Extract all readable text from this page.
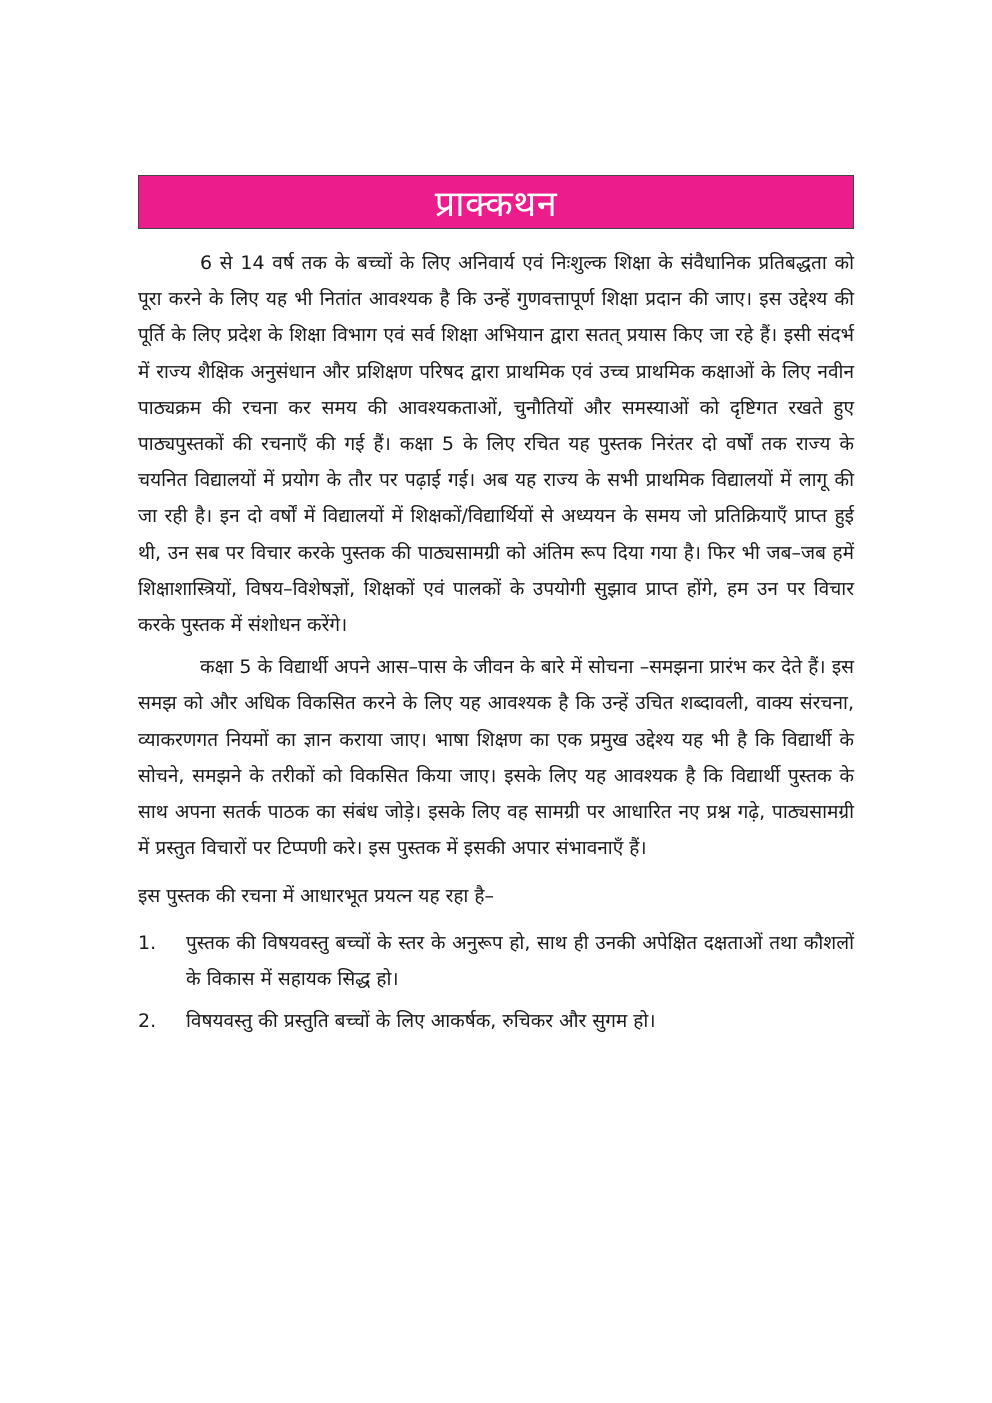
प्राक्कथन

6 से 14 वर्ष तक के बच्चों के लिए अनिवार्य एवं निःशुल्क शिक्षा के संवैधानिक प्रतिबद्धता को पूरा करने के लिए यह भी नितांत आवश्यक है कि उन्हें गुणवत्तापूर्ण शिक्षा प्रदान की जाए। इस उद्देश्य की पूर्ति के लिए प्रदेश के शिक्षा विभाग एवं सर्व शिक्षा अभियान द्वारा सतत् प्रयास किए जा रहे हैं। इसी संदर्भ में राज्य शैक्षिक अनुसंधान और प्रशिक्षण परिषद द्वारा प्राथमिक एवं उच्च प्राथमिक कक्षाओं के लिए नवीन पाठ्यक्रम की रचना कर समय की आवश्यकताओं, चुनौतियों और समस्याओं को दृष्टिगत रखते हुए पाठ्यपुस्तकों की रचनाएँ की गई हैं। कक्षा 5 के लिए रचित यह पुस्तक निरंतर दो वर्षों तक राज्य के चयनित विद्यालयों में प्रयोग के तौर पर पढ़ाई गई। अब यह राज्य के सभी प्राथमिक विद्यालयों में लागू की जा रही है। इन दो वर्षों में विद्यालयों में शिक्षकों/विद्यार्थियों से अध्ययन के समय जो प्रतिक्रियाएँ प्राप्त हुई थी, उन सब पर विचार करके पुस्तक की पाठ्यसामग्री को अंतिम रूप दिया गया है। फिर भी जब–जब हमें शिक्षाशास्त्रियों, विषय–विशेषज्ञों, शिक्षकों एवं पालकों के उपयोगी सुझाव प्राप्त होंगे, हम उन पर विचार करके पुस्तक में संशोधन करेंगे।

कक्षा 5 के विद्यार्थी अपने आस–पास के जीवन के बारे में सोचना –समझना प्रारंभ कर देते हैं। इस समझ को और अधिक विकसित करने के लिए यह आवश्यक है कि उन्हें उचित शब्दावली, वाक्य संरचना, व्याकरणगत नियमों का ज्ञान कराया जाए। भाषा शिक्षण का एक प्रमुख उद्देश्य यह भी है कि विद्यार्थी के सोचने, समझने के तरीकों को विकसित किया जाए। इसके लिए यह आवश्यक है कि विद्यार्थी पुस्तक के साथ अपना सतर्क पाठक का संबंध जोड़े। इसके लिए वह सामग्री पर आधारित नए प्रश्न गढ़े, पाठ्यसामग्री में प्रस्तुत विचारों पर टिप्पणी करे। इस पुस्तक में इसकी अपार संभावनाएँ हैं।

इस पुस्तक की रचना में आधारभूत प्रयत्न यह रहा है–

1.	पुस्तक की विषयवस्तु बच्चों के स्तर के अनुरूप हो, साथ ही उनकी अपेक्षित दक्षताओं तथा कौशलों के विकास में सहायक सिद्ध हो।
2.	विषयवस्तु की प्रस्तुति बच्चों के लिए आकर्षक, रुचिकर और सुगम हो।
